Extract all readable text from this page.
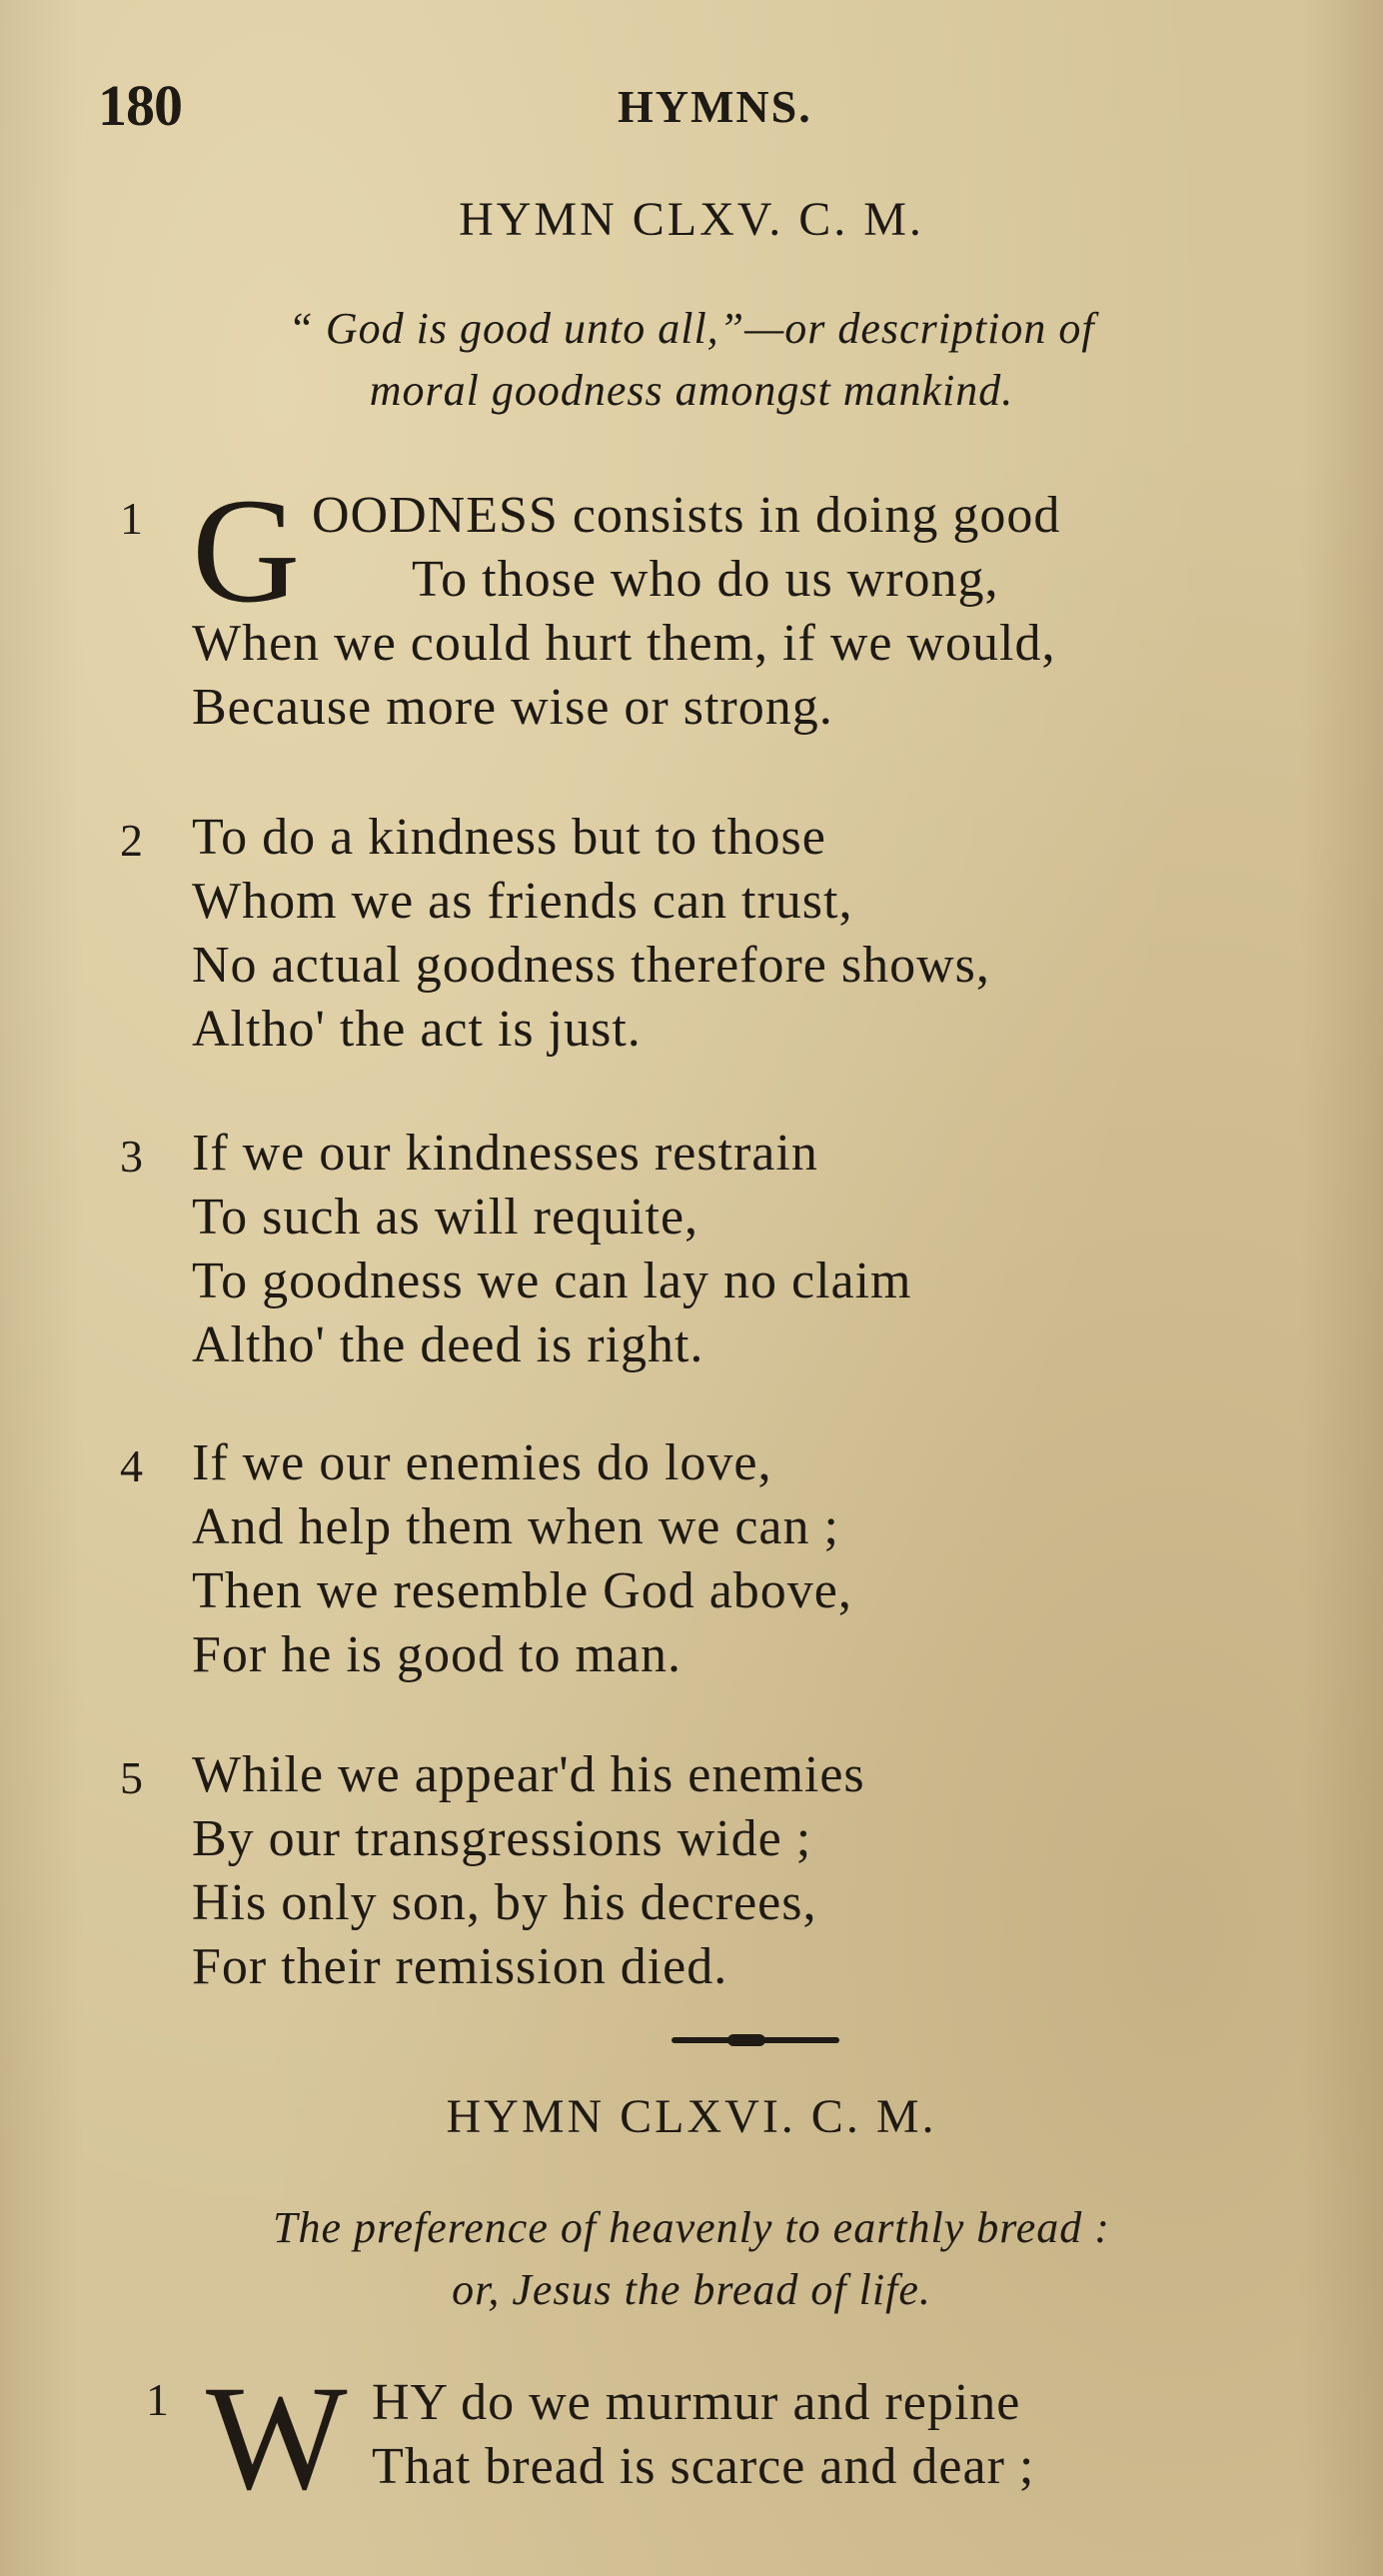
180	HYMNS.
HYMN CLXV. C. M.
“ God is good unto all,”—or description of
moral goodness amongst mankind.
1 G OODNESS consists in doing good
To those who do us wrong,
When we could hurt them, if we would,
Because more wise or strong.
2 To do a kindness but to those
Whom we as friends can trust,
No actual goodness therefore shows,
Altho' the act is just.
3 If we our kindnesses restrain
To such as will requite,
To goodness we can lay no claim
Altho' the deed is right.
4 If we our enemies do love,
And help them when we can ;
Then we resemble God above,
For he is good to man.
5 While we appear'd his enemies
By our transgressions wide ;
His only son, by his decrees,
For their remission died.
HYMN CLXVI. C. M.
The preference of heavenly to earthly bread :
or, Jesus the bread of life.
1 W HY do we murmur and repine
That bread is scarce and dear ;
